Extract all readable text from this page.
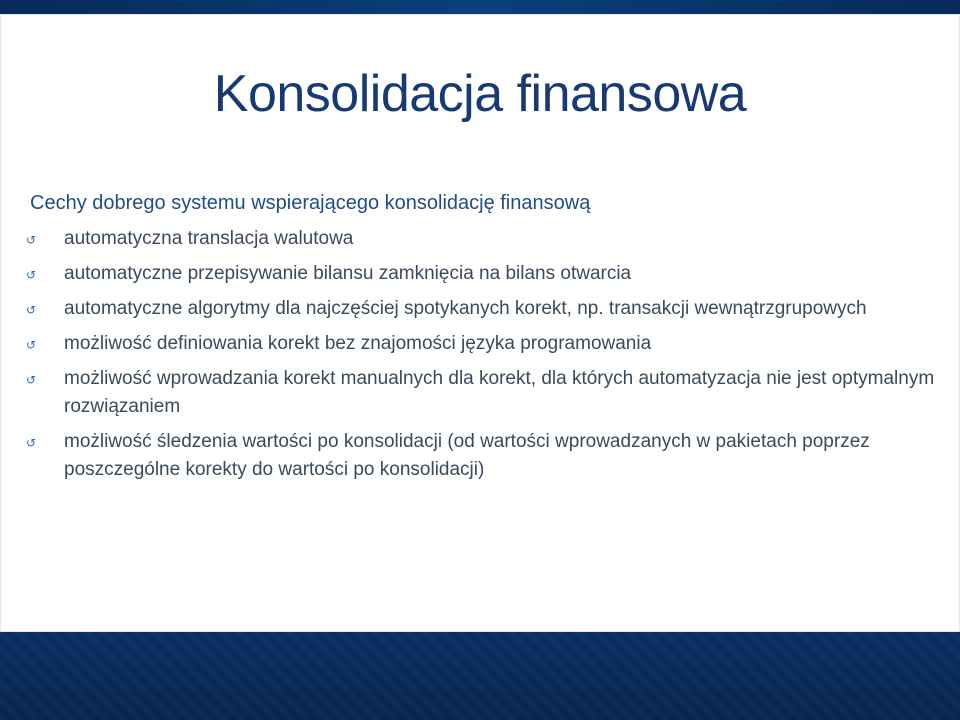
Konsolidacja finansowa
Cechy dobrego systemu wspierającego konsolidację finansową
↺ automatyczna translacja walutowa
↺ automatyczne przepisywanie bilansu zamknięcia na bilans otwarcia
↺ automatyczne algorytmy dla najczęściej spotykanych korekt, np. transakcji wewnątrzgrupowych
↺ możliwość definiowania korekt bez znajomości języka programowania
↺ możliwość wprowadzania korekt manualnych dla korekt, dla których automatyzacja nie jest optymalnym rozwiązaniem
↺ możliwość śledzenia wartości po konsolidacji (od wartości wprowadzanych w pakietach poprzez poszczególne korekty do wartości po konsolidacji)
